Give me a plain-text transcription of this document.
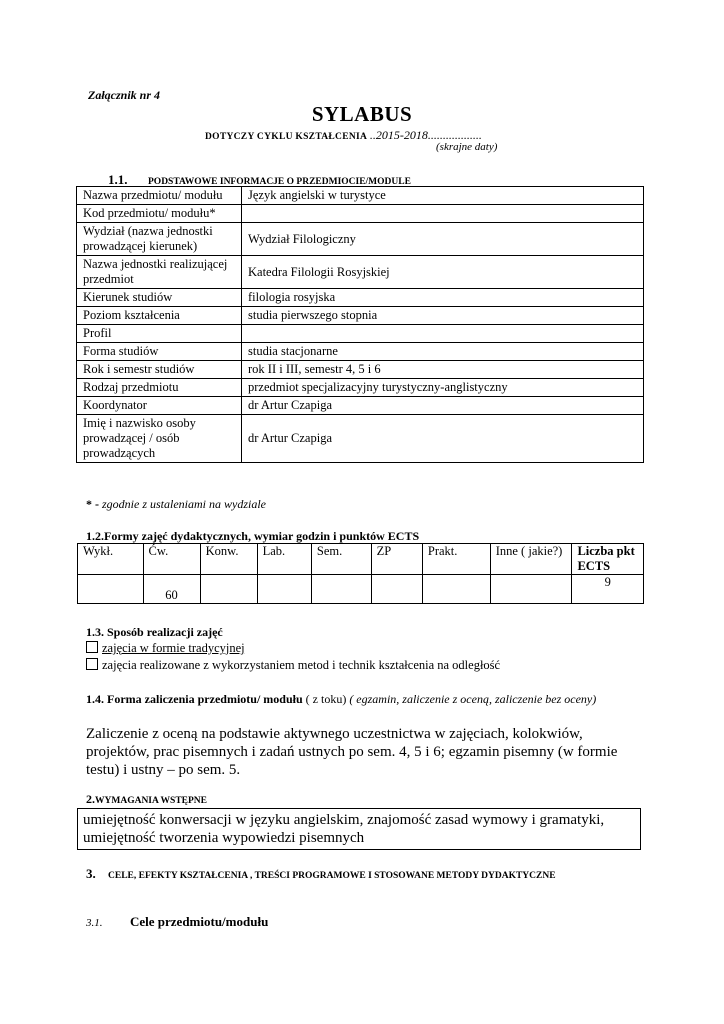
Załącznik nr 4
SYLABUS
DOTYCZY CYKLU KSZTAŁCENIA ..2015-2018..................
(skrajne daty)
1.1. PODSTAWOWE INFORMACJE O PRZEDMIOCIE/MODULE
Nazwa przedmiotu/ modułu	Język angielski w turystyce
Kod przedmiotu/ modułu*	
Wydział (nazwa jednostki prowadzącej kierunek)	Wydział Filologiczny
Nazwa jednostki realizującej przedmiot	Katedra Filologii Rosyjskiej
Kierunek studiów	filologia rosyjska
Poziom kształcenia	studia pierwszego stopnia
Profil	
Forma studiów	studia stacjonarne
Rok i semestr studiów	rok II i III, semestr 4, 5 i 6
Rodzaj przedmiotu	przedmiot specjalizacyjny turystyczny-anglistyczny
Koordynator	dr Artur Czapiga
Imię i nazwisko osoby prowadzącej / osób prowadzących	dr Artur Czapiga
* - zgodnie z ustaleniami na wydziale
1.2.Formy zajęć dydaktycznych, wymiar godzin i punktów ECTS
Wykł.	Ćw.	Konw.	Lab.	Sem.	ZP	Prakt.	Inne ( jakie?)	Liczba pkt ECTS
	60							9
1.3. Sposób realizacji zajęć
zajęcia w formie tradycyjnej
zajęcia realizowane z wykorzystaniem metod i technik kształcenia na odległość
1.4. Forma zaliczenia przedmiotu/ modułu ( z toku) ( egzamin, zaliczenie z oceną, zaliczenie bez oceny)
Zaliczenie z oceną na podstawie aktywnego uczestnictwa w zajęciach, kolokwiów, projektów, prac pisemnych i zadań ustnych po sem. 4, 5 i 6; egzamin pisemny (w formie testu) i ustny – po sem. 5.
2.WYMAGANIA WSTĘPNE
umiejętność konwersacji w języku angielskim, znajomość zasad wymowy i gramatyki, umiejętność tworzenia wypowiedzi pisemnych
3. CELE, EFEKTY KSZTAŁCENIA , TREŚCI PROGRAMOWE I STOSOWANE METODY DYDAKTYCZNE
3.1. Cele przedmiotu/modułu
